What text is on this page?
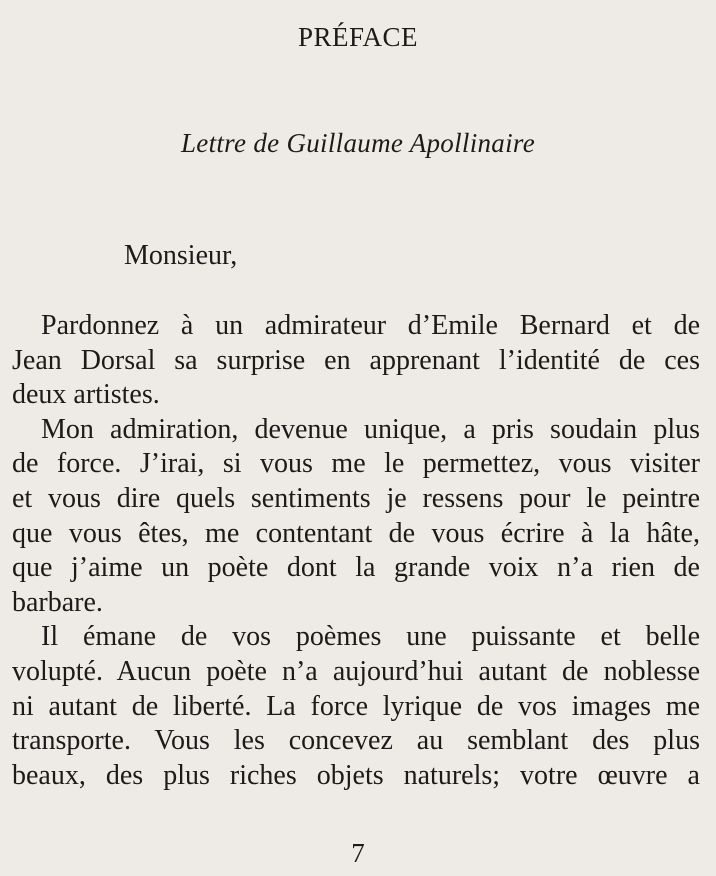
PRÉFACE
Lettre de Guillaume Apollinaire
Monsieur,
Pardonnez à un admirateur d’Emile Bernard et de
Jean Dorsal sa surprise en apprenant l’identité de ces
deux artistes.
Mon admiration, devenue unique, a pris soudain plus
de force. J’irai, si vous me le permettez, vous visiter
et vous dire quels sentiments je ressens pour le peintre
que vous êtes, me contentant de vous écrire à la hâte,
que j’aime un poète dont la grande voix n’a rien de
barbare.
Il émane de vos poèmes une puissante et belle
volupté. Aucun poète n’a aujourd’hui autant de noblesse
ni autant de liberté. La force lyrique de vos images me
transporte. Vous les concevez au semblant des plus
beaux, des plus riches objets naturels; votre œuvre a
7
